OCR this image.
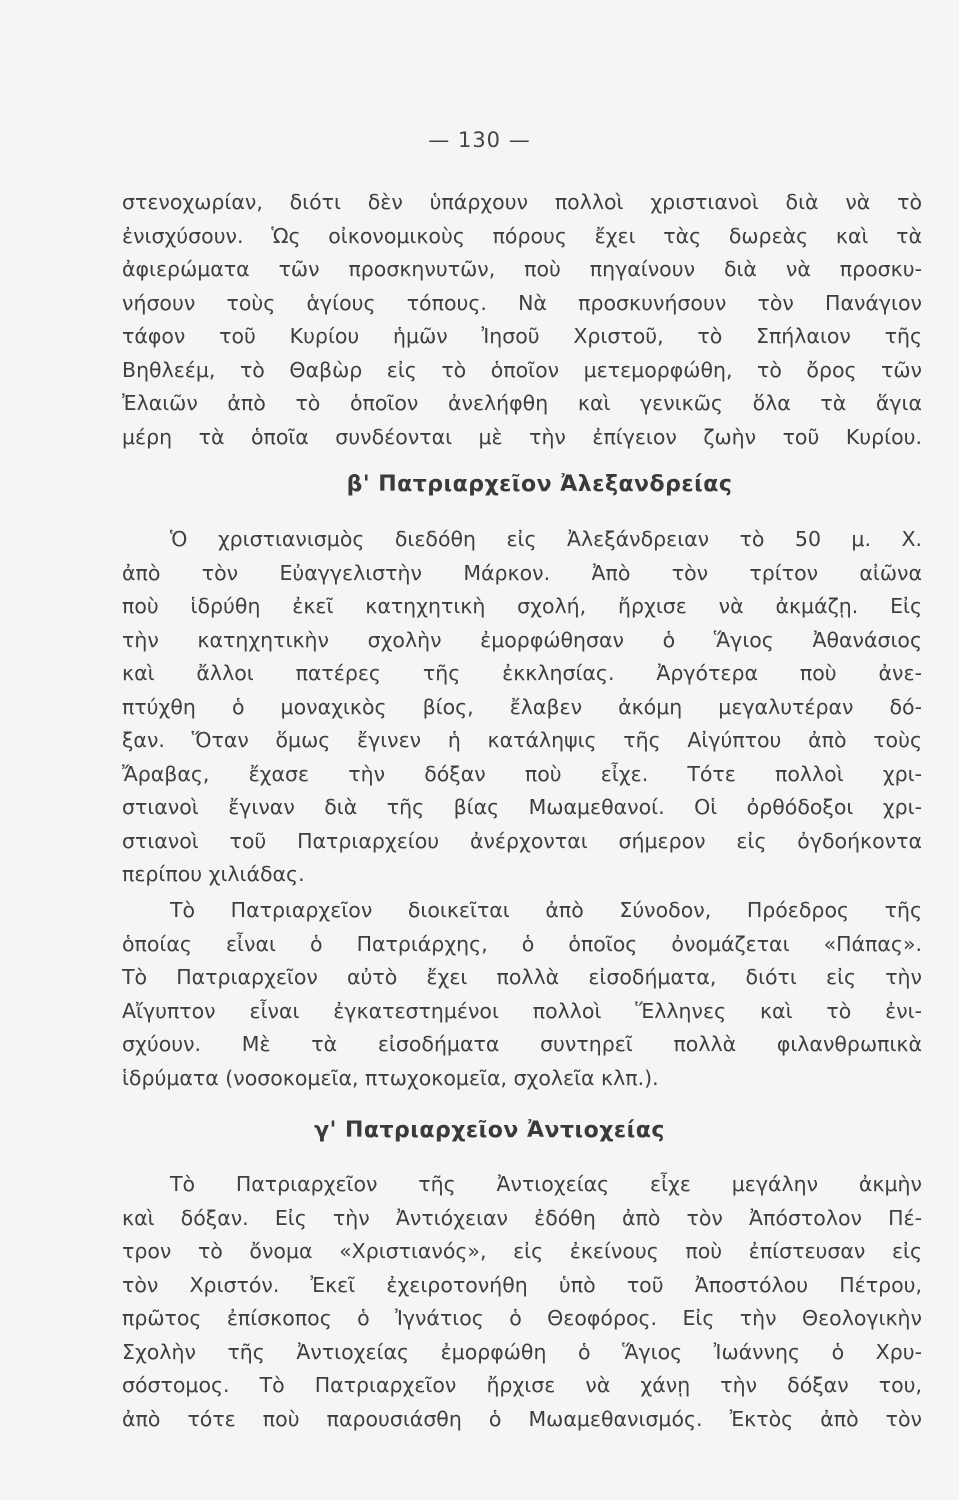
— 130 —

στενοχωρίαν, διότι δὲν ὑπάρχουν πολλοὶ χριστιανοὶ διὰ νὰ τὸ

ἐνισχύσουν. Ὡς οἰκονομικοὺς πόρους ἔχει τὰς δωρεὰς καὶ τὰ

ἀφιερώματα τῶν προσκηνυτῶν, ποὺ πηγαίνουν διὰ νὰ προσκυ-

νήσουν τοὺς ἁγίους τόπους. Νὰ προσκυνήσουν τὸν Πανάγιον

τάφον τοῦ Κυρίου ἡμῶν Ἰησοῦ Χριστοῦ, τὸ Σπήλαιον τῆς

Βηθλεέμ, τὸ Θαβὼρ εἰς τὸ ὁποῖον μετεμορφώθη, τὸ ὄρος τῶν

Ἐλαιῶν ἀπὸ τὸ ὁποῖον ἀνελήφθη καὶ γενικῶς ὅλα τὰ ἅγια

μέρη τὰ ὁποῖα συνδέονται μὲ τὴν ἐπίγειον ζωὴν τοῦ Κυρίου.

β' Πατριαρχεῖον Ἀλεξανδρείας

Ὁ χριστιανισμὸς διεδόθη εἰς Ἀλεξάνδρειαν τὸ 50 μ. Χ.

ἀπὸ τὸν Εὐαγγελιστὴν Μάρκον. Ἀπὸ τὸν τρίτον αἰῶνα

ποὺ ἱδρύθη ἐκεῖ κατηχητικὴ σχολή, ἤρχισε νὰ ἀκμάζῃ. Εἰς

τὴν κατηχητικὴν σχολὴν ἐμορφώθησαν ὁ Ἅγιος Ἀθανάσιος

καὶ ἄλλοι πατέρες τῆς ἐκκλησίας. Ἀργότερα ποὺ ἀνε-

πτύχθη ὁ μοναχικὸς βίος, ἔλαβεν ἀκόμη μεγαλυτέραν δό-

ξαν. Ὅταν ὅμως ἔγινεν ἡ κατάληψις τῆς Αἰγύπτου ἀπὸ τοὺς

Ἄραβας, ἔχασε τὴν δόξαν ποὺ εἶχε. Τότε πολλοὶ χρι-

στιανοὶ ἔγιναν διὰ τῆς βίας Μωαμεθανοί. Οἱ ὀρθόδοξοι χρι-

στιανοὶ τοῦ Πατριαρχείου ἀνέρχονται σήμερον εἰς ὀγδοήκοντα

περίπου χιλιάδας.

Τὸ Πατριαρχεῖον διοικεῖται ἀπὸ Σύνοδον, Πρόεδρος τῆς

ὁποίας εἶναι ὁ Πατριάρχης, ὁ ὁποῖος ὀνομάζεται «Πάπας».

Τὸ Πατριαρχεῖον αὐτὸ ἔχει πολλὰ εἰσοδήματα, διότι εἰς τὴν

Αἴγυπτον εἶναι ἐγκατεστημένοι πολλοὶ Ἕλληνες καὶ τὸ ἐνι-

σχύουν. Μὲ τὰ εἰσοδήματα συντηρεῖ πολλὰ φιλανθρωπικὰ

ἱδρύματα (νοσοκομεῖα, πτωχοκομεῖα, σχολεῖα κλπ.).

γ' Πατριαρχεῖον Ἀντιοχείας

Τὸ Πατριαρχεῖον τῆς Ἀντιοχείας εἶχε μεγάλην ἀκμὴν

καὶ δόξαν. Εἰς τὴν Ἀντιόχειαν ἐδόθη ἀπὸ τὸν Ἀπόστολον Πέ-

τρον τὸ ὄνομα «Χριστιανός», εἰς ἐκείνους ποὺ ἐπίστευσαν εἰς

τὸν Χριστόν. Ἐκεῖ ἐχειροτονήθη ὑπὸ τοῦ Ἀποστόλου Πέτρου,

πρῶτος ἐπίσκοπος ὁ Ἰγνάτιος ὁ Θεοφόρος. Εἰς τὴν Θεολογικὴν

Σχολὴν τῆς Ἀντιοχείας ἐμορφώθη ὁ Ἅγιος Ἰωάννης ὁ Χρυ-

σόστομος. Τὸ Πατριαρχεῖον ἤρχισε νὰ χάνῃ τὴν δόξαν του,

ἀπὸ τότε ποὺ παρουσιάσθη ὁ Μωαμεθανισμός. Ἐκτὸς ἀπὸ τὸν
